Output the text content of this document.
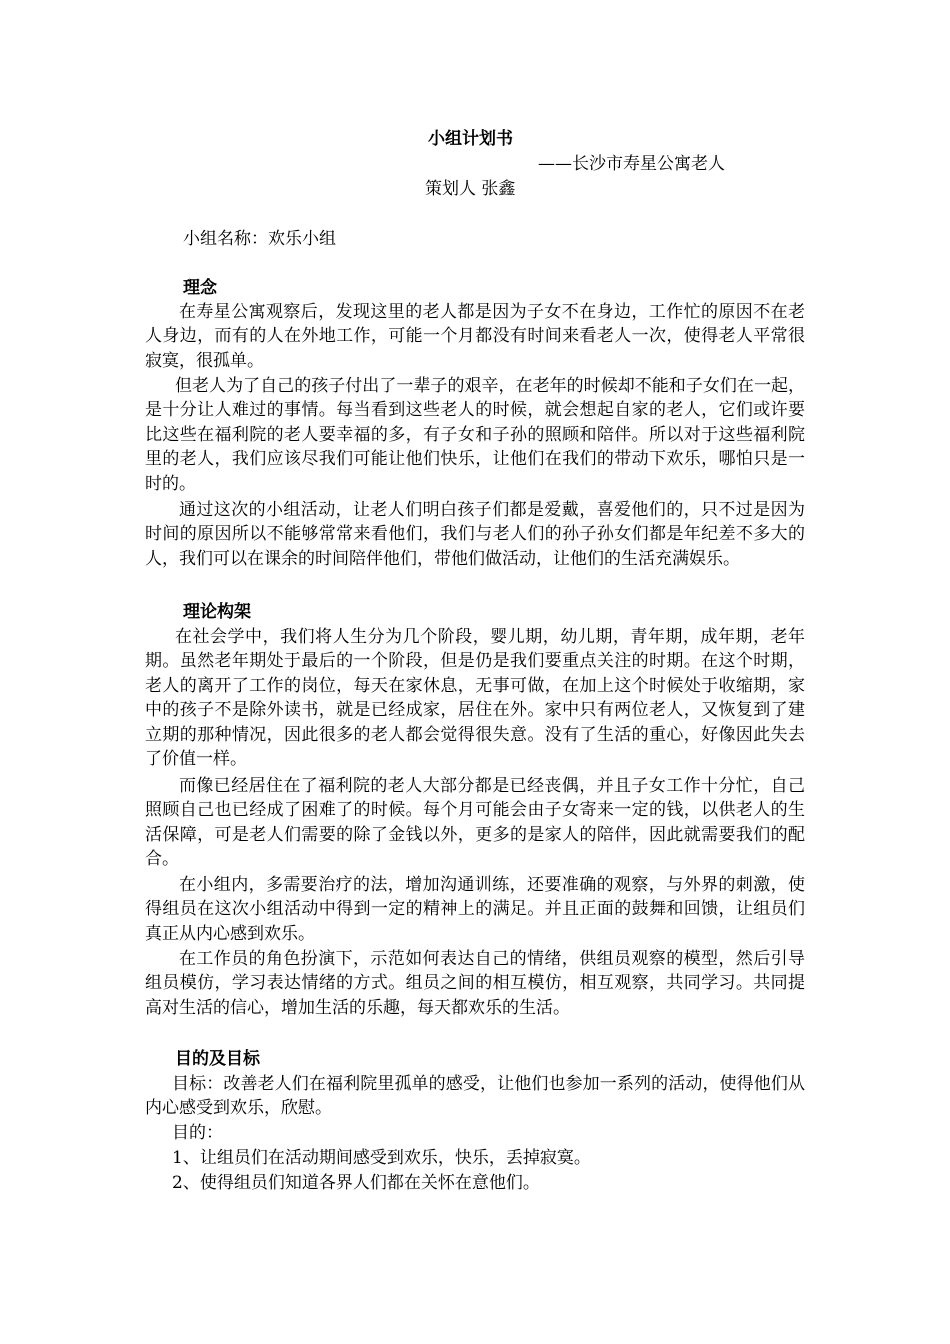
小组计划书
——长沙市寿星公寓老人
策划人 张鑫
小组名称：欢乐小组
理念
在寿星公寓观察后，发现这里的老人都是因为子女不在身边，工作忙的原因不在老人身边，而有的人在外地工作，可能一个月都没有时间来看老人一次，使得老人平常很寂寞，很孤单。
但老人为了自己的孩子付出了一辈子的艰辛，在老年的时候却不能和子女们在一起，是十分让人难过的事情。每当看到这些老人的时候，就会想起自家的老人，它们或许要比这些在福利院的老人要幸福的多，有子女和子孙的照顾和陪伴。所以对于这些福利院里的老人，我们应该尽我们可能让他们快乐，让他们在我们的带动下欢乐，哪怕只是一时的。
通过这次的小组活动，让老人们明白孩子们都是爱戴，喜爱他们的，只不过是因为时间的原因所以不能够常常来看他们，我们与老人们的孙子孙女们都是年纪差不多大的人，我们可以在课余的时间陪伴他们，带他们做活动，让他们的生活充满娱乐。
理论构架
在社会学中，我们将人生分为几个阶段，婴儿期，幼儿期，青年期，成年期，老年期。虽然老年期处于最后的一个阶段，但是仍是我们要重点关注的时期。在这个时期，老人的离开了工作的岗位，每天在家休息，无事可做，在加上这个时候处于收缩期，家中的孩子不是除外读书，就是已经成家，居住在外。家中只有两位老人，又恢复到了建立期的那种情况，因此很多的老人都会觉得很失意。没有了生活的重心，好像因此失去了价值一样。
而像已经居住在了福利院的老人大部分都是已经丧偶，并且子女工作十分忙，自己照顾自己也已经成了困难了的时候。每个月可能会由子女寄来一定的钱，以供老人的生活保障，可是老人们需要的除了金钱以外，更多的是家人的陪伴，因此就需要我们的配合。
在小组内，多需要治疗的法，增加沟通训练，还要准确的观察，与外界的刺激，使得组员在这次小组活动中得到一定的精神上的满足。并且正面的鼓舞和回馈，让组员们真正从内心感到欢乐。
在工作员的角色扮演下，示范如何表达自己的情绪，供组员观察的模型，然后引导组员模仿，学习表达情绪的方式。组员之间的相互模仿，相互观察，共同学习。共同提高对生活的信心，增加生活的乐趣，每天都欢乐的生活。
目的及目标
目标：改善老人们在福利院里孤单的感受，让他们也参加一系列的活动，使得他们从内心感受到欢乐，欣慰。
目的：
1、让组员们在活动期间感受到欢乐，快乐，丢掉寂寞。
2、使得组员们知道各界人们都在关怀在意他们。
